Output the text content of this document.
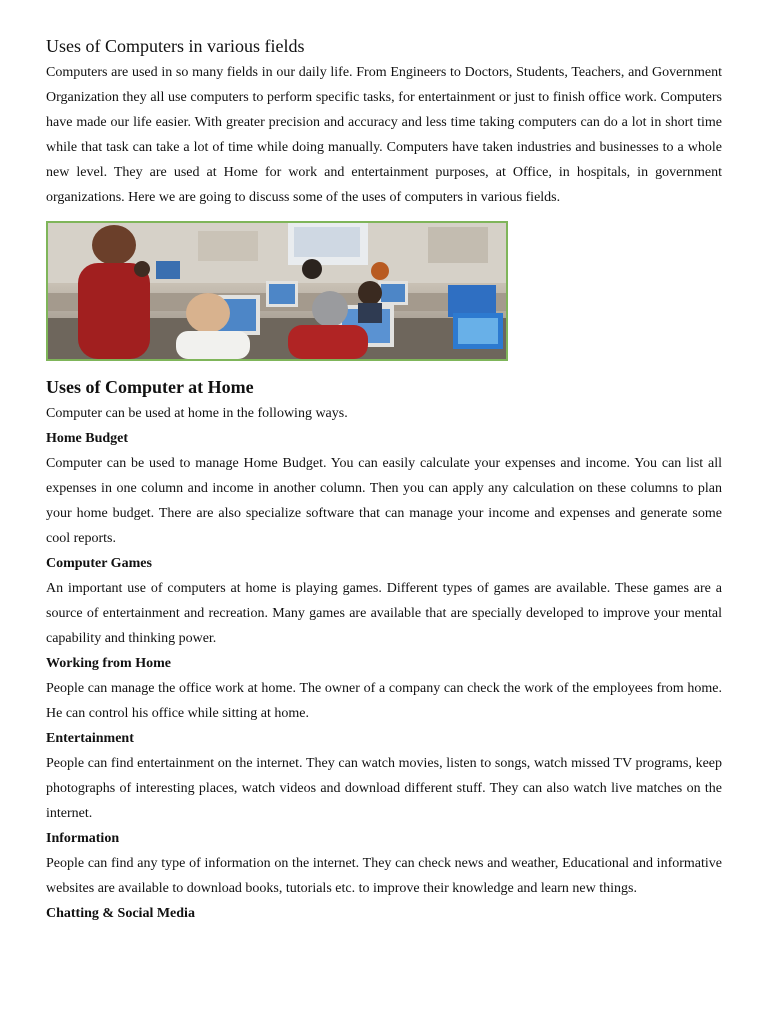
Uses of Computers in various fields

Computers are used in so many fields in our daily life. From Engineers to Doctors, Students, Teachers, and Government Organization they all use computers to perform specific tasks, for entertainment or just to finish office work. Computers have made our life easier. With greater precision and accuracy and less time taking computers can do a lot in short time while that task can take a lot of time while doing manually. Computers have taken industries and businesses to a whole new level. They are used at Home for work and entertainment purposes, at Office, in hospitals, in government organizations. Here we are going to discuss some of the uses of computers in various fields.

Uses of Computer at Home

Computer can be used at home in the following ways.

Home Budget

Computer can be used to manage Home Budget. You can easily calculate your expenses and income. You can list all expenses in one column and income in another column. Then you can apply any calculation on these columns to plan your home budget. There are also specialize software that can manage your income and expenses and generate some cool reports.

Computer Games

An important use of computers at home is playing games. Different types of games are available. These games are a source of entertainment and recreation. Many games are available that are specially developed to improve your mental capability and thinking power.

Working from Home

People can manage the office work at home. The owner of a company can check the work of the employees from home. He can control his office while sitting at home.

Entertainment

People can find entertainment on the internet. They can watch movies, listen to songs, watch missed TV programs, keep photographs of interesting places, watch videos and download different stuff. They can also watch live matches on the internet.

Information

People can find any type of information on the internet. They can check news and weather, Educational and informative websites are available to download books, tutorials etc. to improve their knowledge and learn new things.

Chatting & Social Media
